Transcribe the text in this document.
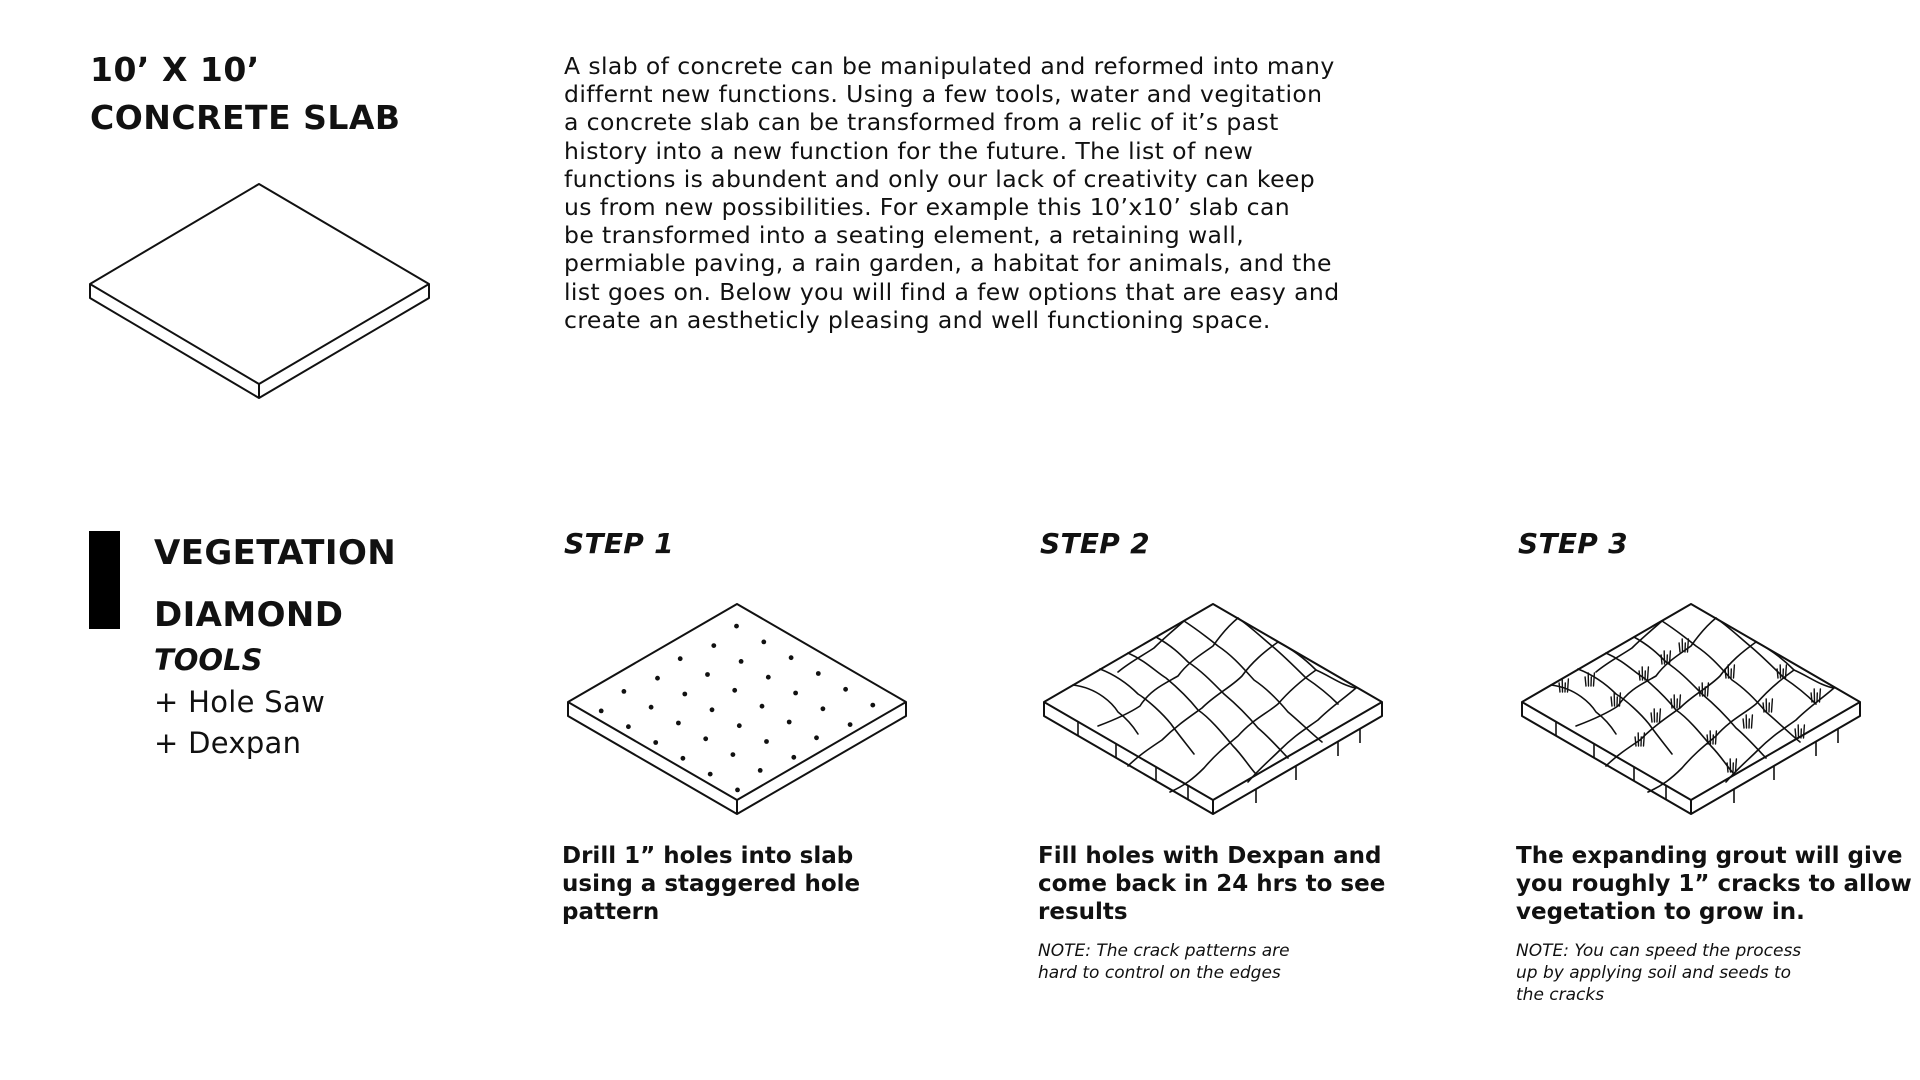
10’ X 10’
CONCRETE SLAB

A slab of concrete can be manipulated and reformed into many
differnt new functions. Using a few tools, water and vegitation
a concrete slab can be transformed from a relic of it’s past
history into a new function for the future. The list of new
functions is abundent and only our lack of creativity can keep
us from new possibilities. For example this 10’x10’ slab can
be transformed into a seating element, a retaining wall,
permiable paving, a rain garden, a habitat for animals, and the
list goes on. Below you will find a few options that are easy and
create an aestheticly pleasing and well functioning space.

VEGETATION
DIAMOND
TOOLS
+ Hole Saw
+ Dexpan
STEP 1	STEP 2	STEP 3

Drill 1” holes into slab
using a staggered hole
pattern

Fill holes with Dexpan and
come back in 24 hrs to see
results

The expanding grout will give
you roughly 1” cracks to allow
vegetation to grow in.

NOTE: The crack patterns are
hard to control on the edges

NOTE: You can speed the process
up by applying soil and seeds to
the cracks
